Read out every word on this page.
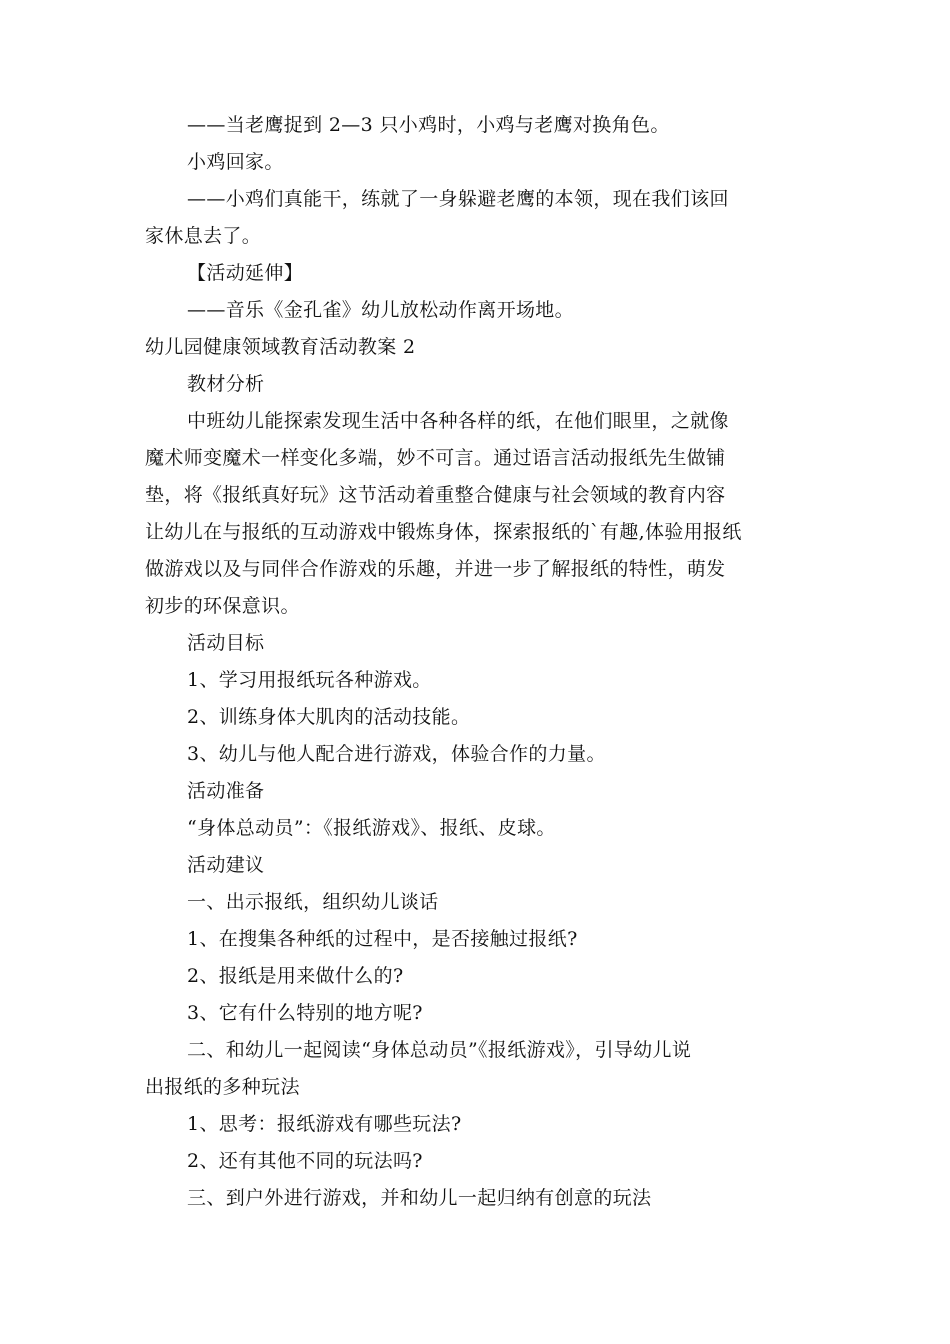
——当老鹰捉到 2—3 只小鸡时，小鸡与老鹰对换角色。
小鸡回家。
——小鸡们真能干，练就了一身躲避老鹰的本领，现在我们该回
家休息去了。
【活动延伸】
——音乐《金孔雀》幼儿放松动作离开场地。
幼儿园健康领域教育活动教案 2
教材分析
中班幼儿能探索发现生活中各种各样的纸，在他们眼里，之就像
魔术师变魔术一样变化多端，妙不可言。通过语言活动报纸先生做铺
垫，将《报纸真好玩》这节活动着重整合健康与社会领域的教育内容
让幼儿在与报纸的互动游戏中锻炼身体，探索报纸的`有趣,体验用报纸
做游戏以及与同伴合作游戏的乐趣，并进一步了解报纸的特性，萌发
初步的环保意识。
活动目标
1、学习用报纸玩各种游戏。
2、训练身体大肌肉的活动技能。
3、幼儿与他人配合进行游戏，体验合作的力量。
活动准备
“身体总动员”：《报纸游戏》、报纸、皮球。
活动建议
一、出示报纸，组织幼儿谈话
1、在搜集各种纸的过程中，是否接触过报纸?
2、报纸是用来做什么的?
3、它有什么特别的地方呢?
二、和幼儿一起阅读“身体总动员”《报纸游戏》，引导幼儿说
出报纸的多种玩法
1、思考：报纸游戏有哪些玩法?
2、还有其他不同的玩法吗?
三、到户外进行游戏，并和幼儿一起归纳有创意的玩法
